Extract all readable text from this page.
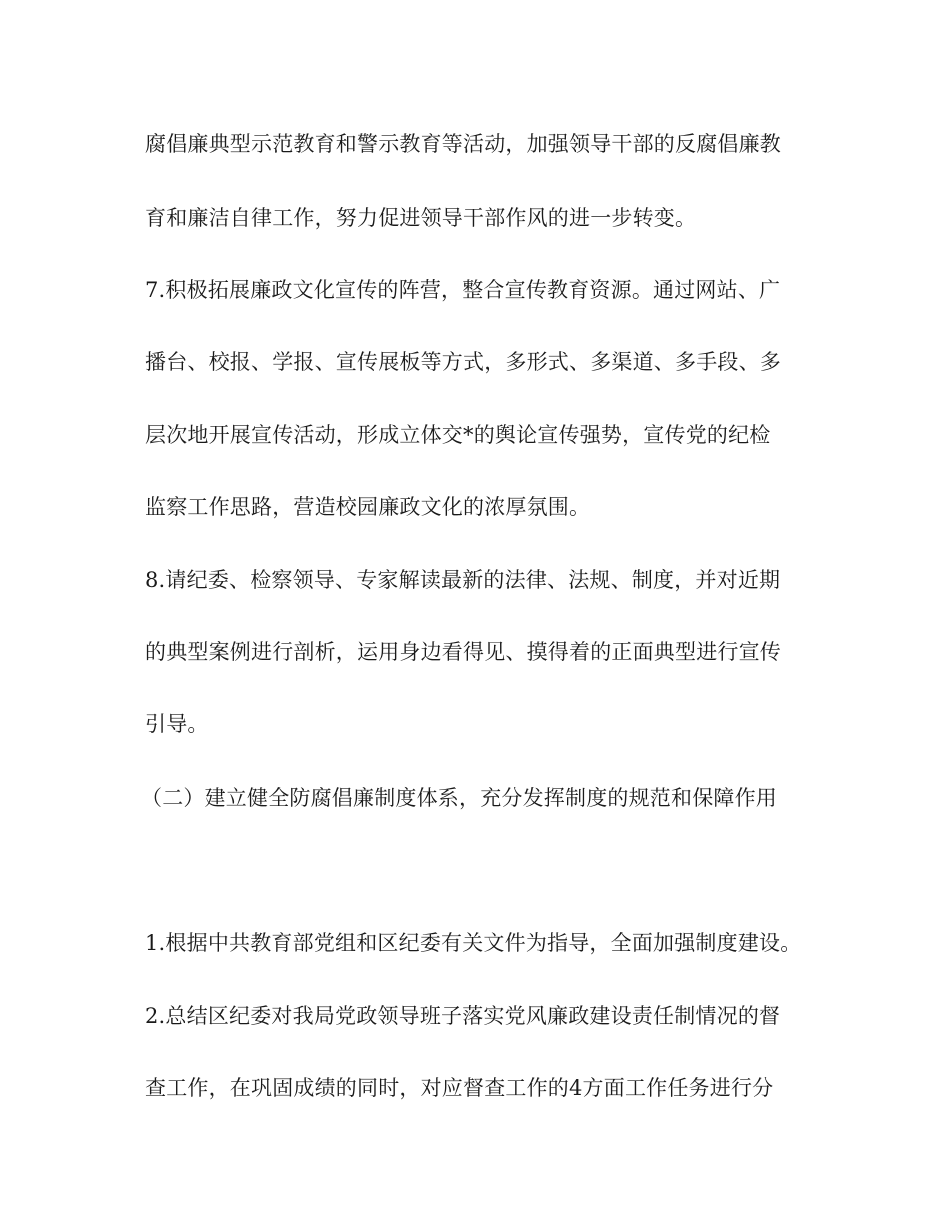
腐倡廉典型示范教育和警示教育等活动，加强领导干部的反腐倡廉教
育和廉洁自律工作，努力促进领导干部作风的进一步转变。
7.积极拓展廉政文化宣传的阵营，整合宣传教育资源。通过网站、广
播台、校报、学报、宣传展板等方式，多形式、多渠道、多手段、多
层次地开展宣传活动，形成立体交*的舆论宣传强势，宣传党的纪检
监察工作思路，营造校园廉政文化的浓厚氛围。
8.请纪委、检察领导、专家解读最新的法律、法规、制度，并对近期
的典型案例进行剖析，运用身边看得见、摸得着的正面典型进行宣传
引导。
（二）建立健全防腐倡廉制度体系，充分发挥制度的规范和保障作用
1.根据中共教育部党组和区纪委有关文件为指导，全面加强制度建设。
2.总结区纪委对我局党政领导班子落实党风廉政建设责任制情况的督
查工作，在巩固成绩的同时，对应督查工作的4方面工作任务进行分
